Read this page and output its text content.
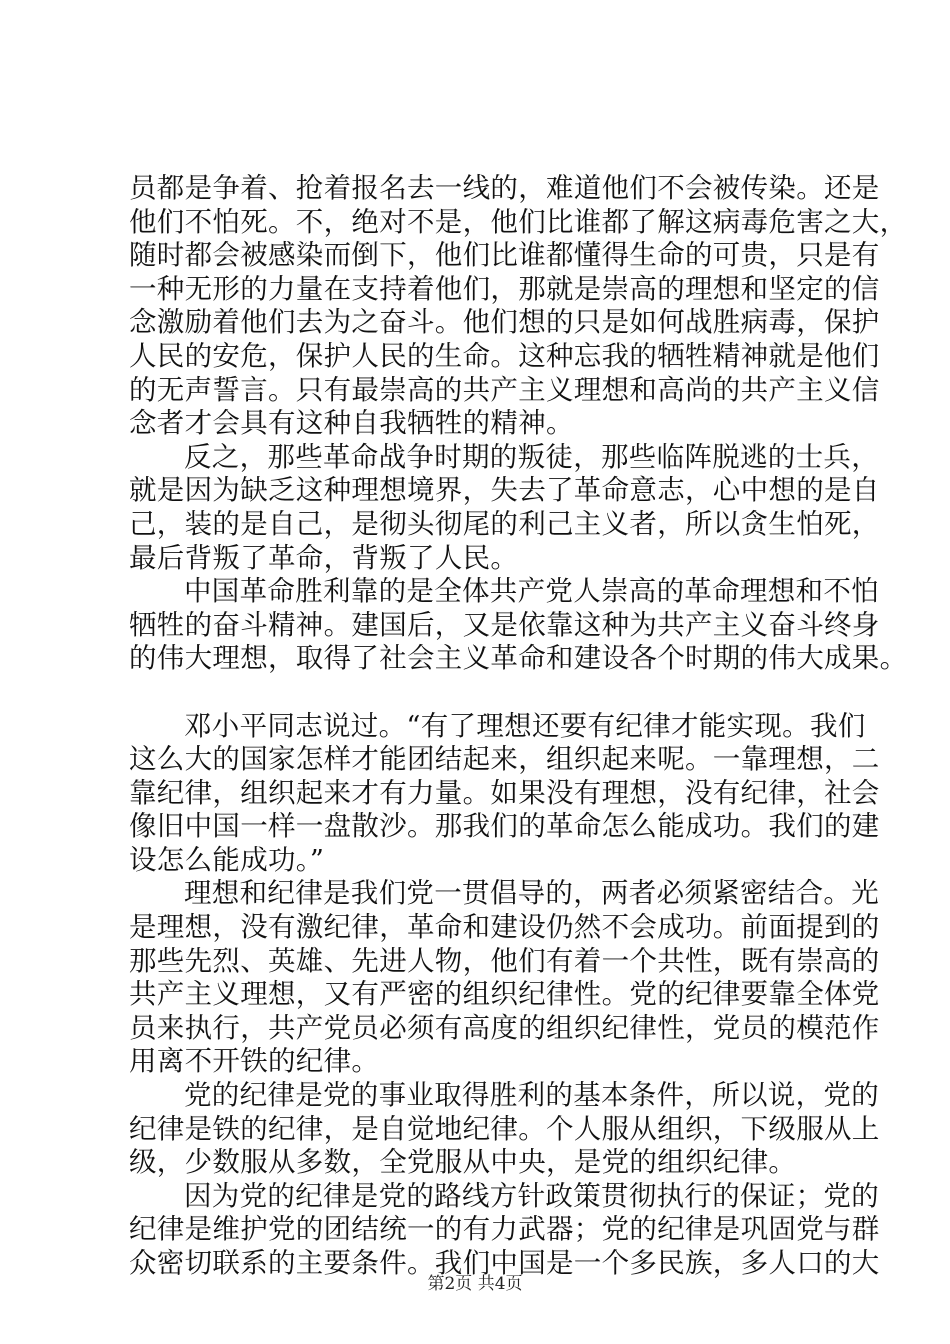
员都是争着、抢着报名去一线的，难道他们不会被传染。还是

他们不怕死。不，绝对不是，他们比谁都了解这病毒危害之大，

随时都会被感染而倒下，他们比谁都懂得生命的可贵，只是有

一种无形的力量在支持着他们，那就是崇高的理想和坚定的信

念激励着他们去为之奋斗。他们想的只是如何战胜病毒，保护

人民的安危，保护人民的生命。这种忘我的牺牲精神就是他们

的无声誓言。只有最崇高的共产主义理想和高尚的共产主义信

念者才会具有这种自我牺牲的精神。

反之，那些革命战争时期的叛徒，那些临阵脱逃的士兵，

就是因为缺乏这种理想境界，失去了革命意志，心中想的是自

己，装的是自己，是彻头彻尾的利己主义者，所以贪生怕死，

最后背叛了革命，背叛了人民。

中国革命胜利靠的是全体共产党人崇高的革命理想和不怕

牺牲的奋斗精神。建国后，又是依靠这种为共产主义奋斗终身

的伟大理想，取得了社会主义革命和建设各个时期的伟大成果。

邓小平同志说过。“有了理想还要有纪律才能实现。我们

这么大的国家怎样才能团结起来，组织起来呢。一靠理想，二

靠纪律，组织起来才有力量。如果没有理想，没有纪律，社会

像旧中国一样一盘散沙。那我们的革命怎么能成功。我们的建

设怎么能成功。”

理想和纪律是我们党一贯倡导的，两者必须紧密结合。光

是理想，没有激纪律，革命和建设仍然不会成功。前面提到的

那些先烈、英雄、先进人物，他们有着一个共性，既有崇高的

共产主义理想，又有严密的组织纪律性。党的纪律要靠全体党

员来执行，共产党员必须有高度的组织纪律性，党员的模范作

用离不开铁的纪律。

党的纪律是党的事业取得胜利的基本条件，所以说，党的

纪律是铁的纪律，是自觉地纪律。个人服从组织，下级服从上

级，少数服从多数，全党服从中央，是党的组织纪律。

因为党的纪律是党的路线方针政策贯彻执行的保证；党的

纪律是维护党的团结统一的有力武器；党的纪律是巩固党与群

众密切联系的主要条件。我们中国是一个多民族，多人口的大

第2页 共4页
